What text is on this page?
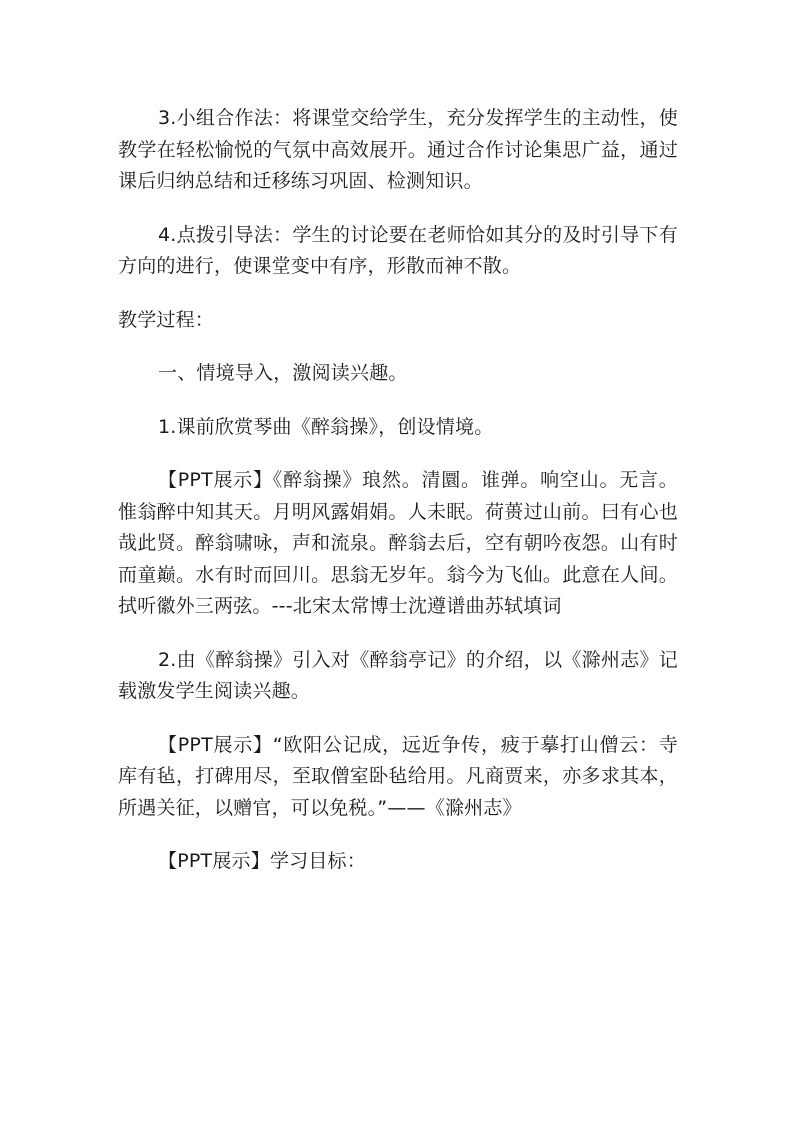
3.小组合作法：将课堂交给学生，充分发挥学生的主动性，使教学在轻松愉悦的气氛中高效展开。通过合作讨论集思广益，通过课后归纳总结和迁移练习巩固、检测知识。

4.点拨引导法：学生的讨论要在老师恰如其分的及时引导下有方向的进行，使课堂变中有序，形散而神不散。

教学过程：

一、情境导入，激阅读兴趣。

1.课前欣赏琴曲《醉翁操》，创设情境。

【PPT展示】《醉翁操》琅然。清圜。谁弹。响空山。无言。惟翁醉中知其天。月明风露娟娟。人未眠。荷蒉过山前。曰有心也哉此贤。醉翁啸咏，声和流泉。醉翁去后，空有朝吟夜怨。山有时而童巅。水有时而回川。思翁无岁年。翁今为飞仙。此意在人间。拭听徽外三两弦。---北宋太常博士沈遵谱曲苏轼填词

2.由《醉翁操》引入对《醉翁亭记》的介绍，以《滁州志》记载激发学生阅读兴趣。

【PPT展示】“欧阳公记成，远近争传，疲于摹打山僧云：寺库有毡，打碑用尽，至取僧室卧毡给用。凡商贾来，亦多求其本，所遇关征，以赠官，可以免税。”——《滁州志》

【PPT展示】学习目标：
